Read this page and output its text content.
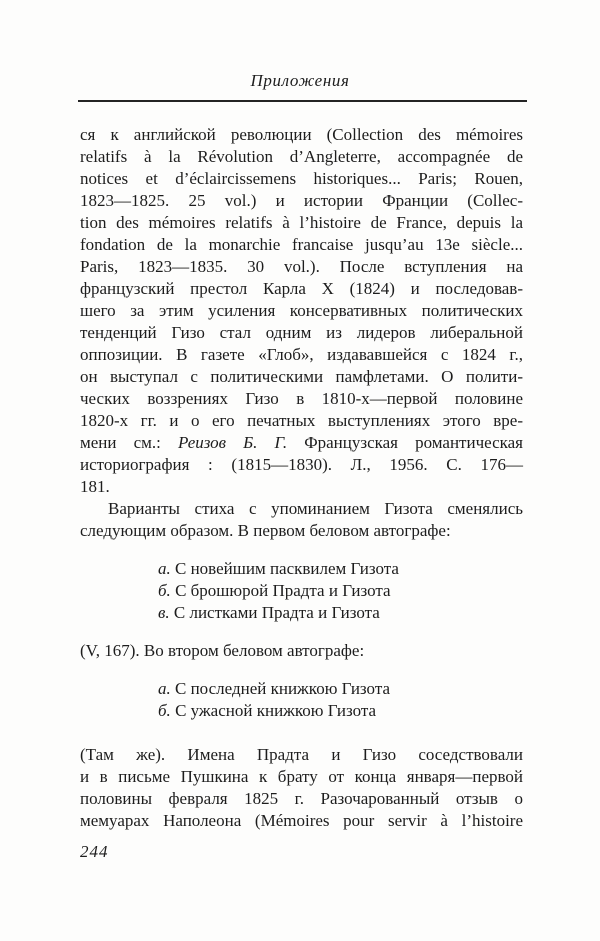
Приложения
ся к английской революции (Collection des mémoires
relatifs à la Révolution d’Angleterre, accompagnée de
notices et d’éclaircissemens historiques... Paris; Rouen,
1823—1825. 25 vol.) и истории Франции (Collec-
tion des mémoires relatifs à l’histoire de France, depuis la
fondation de la monarchie francaise jusqu’au 13e siècle...
Paris, 1823—1835. 30 vol.). После вступления на
французский престол Карла X (1824) и последовав-
шего за этим усиления консервативных политических
тенденций Гизо стал одним из лидеров либеральной
оппозиции. В газете «Глоб», издававшейся с 1824 г.,
он выступал с политическими памфлетами. О полити-
ческих воззрениях Гизо в 1810-х—первой половине
1820-х гг. и о его печатных выступлениях этого вре-
мени см.: Реизов Б. Г. Французская романтическая
историография : (1815—1830). Л., 1956. С. 176—
181.
Варианты стиха с упоминанием Гизота сменялись
следующим образом. В первом беловом автографе:
а. С новейшим пасквилем Гизота
б. С брошюрой Прадта и Гизота
в. С листками Прадта и Гизота
(V, 167). Во втором беловом автографе:
а. С последней книжкою Гизота
б. С ужасной книжкою Гизота
(Там же). Имена Прадта и Гизо соседствовали
и в письме Пушкина к брату от конца января—первой
половины февраля 1825 г. Разочарованный отзыв о
мемуарах Наполеона (Mémoires pour servir à l’histoire
244
